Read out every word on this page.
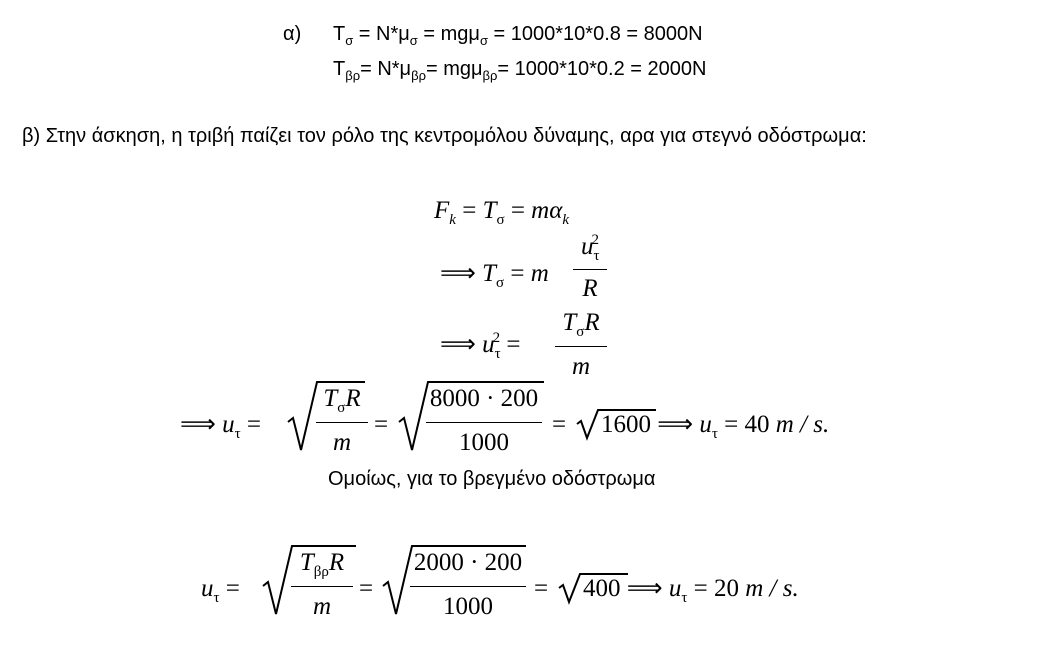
α) $T_\sigma = N*\mu_\sigma = mg\mu_\sigma = 1000*10*0.8 = 8000N$
$T_{\beta\rho}= N*\mu_{\beta\rho}= mg\mu_{\beta\rho}= 1000*10*0.2 = 2000N$
β) Στην άσκηση, η τριβή παίζει τον ρόλο της κεντρομόλου δύναμης, αρα για στεγνό οδόστρωμα:
$F_k = T_\sigma = m\alpha_k$
⟹ $T_\sigma = m$
$u_\tau^2$
R
⟹ $u_\tau^2$ =
$T_\sigma R$
m
⟹ $u_\tau$ =
$T_\sigma R$
m
=
8000 · 200
1000
= 1600 ⟹ $u_\tau = 40$ m / s.
Ομοίως, για το βρεγμένο οδόστρωμα
$u_\tau$ =
$T_{\beta\rho}R$
m
=
2000 · 200
1000
= 400 ⟹ $u_\tau = 20$ m / s.
